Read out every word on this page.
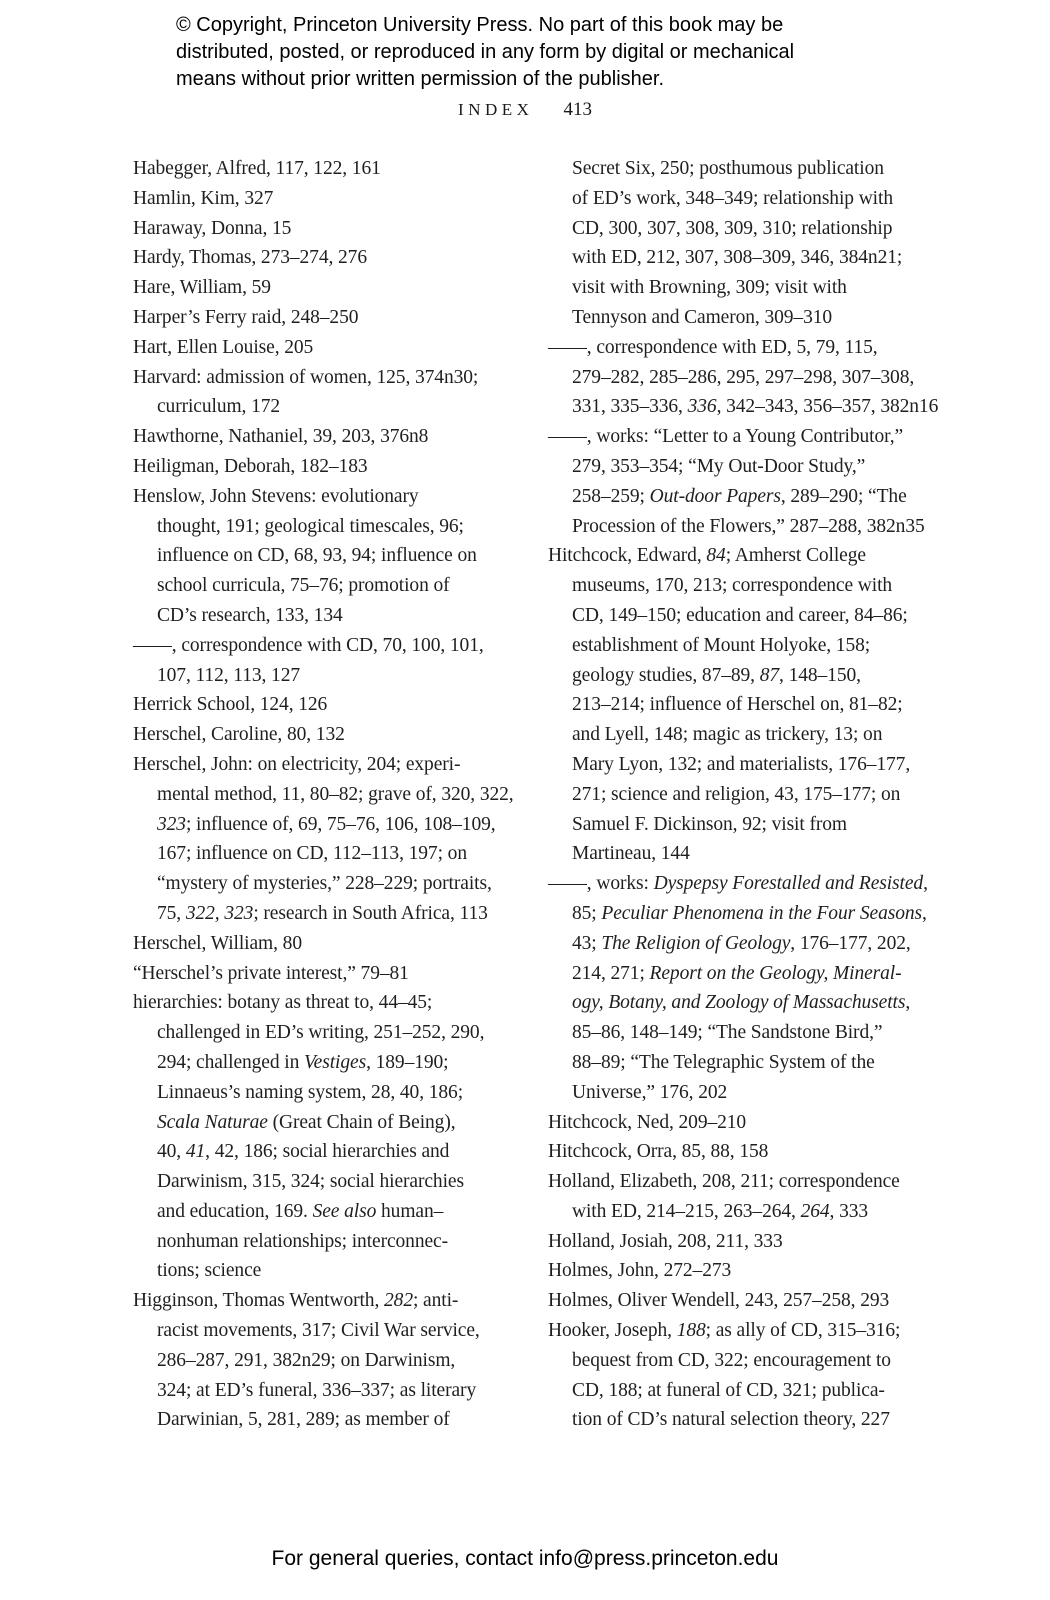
© Copyright, Princeton University Press. No part of this book may be
distributed, posted, or reproduced in any form by digital or mechanical
means without prior written permission of the publisher.
INDEX 413
Habegger, Alfred, 117, 122, 161
Hamlin, Kim, 327
Haraway, Donna, 15
Hardy, Thomas, 273–274, 276
Hare, William, 59
Harper’s Ferry raid, 248–250
Hart, Ellen Louise, 205
Harvard: admission of women, 125, 374n30;
curriculum, 172
Hawthorne, Nathaniel, 39, 203, 376n8
Heiligman, Deborah, 182–183
Henslow, John Stevens: evolutionary
thought, 191; geological timescales, 96;
influence on CD, 68, 93, 94; influence on
school curricula, 75–76; promotion of
CD’s research, 133, 134
——, correspondence with CD, 70, 100, 101,
107, 112, 113, 127
Herrick School, 124, 126
Herschel, Caroline, 80, 132
Herschel, John: on electricity, 204; experi-
mental method, 11, 80–82; grave of, 320, 322,
323; influence of, 69, 75–76, 106, 108–109,
167; influence on CD, 112–113, 197; on
“mystery of mysteries,” 228–229; portraits,
75, 322, 323; research in South Africa, 113
Herschel, William, 80
“Herschel’s private interest,” 79–81
hierarchies: botany as threat to, 44–45;
challenged in ED’s writing, 251–252, 290,
294; challenged in Vestiges, 189–190;
Linnaeus’s naming system, 28, 40, 186;
Scala Naturae (Great Chain of Being),
40, 41, 42, 186; social hierarchies and
Darwinism, 315, 324; social hierarchies
and education, 169. See also human–
nonhuman relationships; interconnec-
tions; science
Higginson, Thomas Wentworth, 282; anti-
racist movements, 317; Civil War service,
286–287, 291, 382n29; on Darwinism,
324; at ED’s funeral, 336–337; as literary
Darwinian, 5, 281, 289; as member of
Secret Six, 250; posthumous publication
of ED’s work, 348–349; relationship with
CD, 300, 307, 308, 309, 310; relationship
with ED, 212, 307, 308–309, 346, 384n21;
visit with Browning, 309; visit with
Tennyson and Cameron, 309–310
——, correspondence with ED, 5, 79, 115,
279–282, 285–286, 295, 297–298, 307–308,
331, 335–336, 336, 342–343, 356–357, 382n16
——, works: “Letter to a Young Contributor,”
279, 353–354; “My Out-Door Study,”
258–259; Out-door Papers, 289–290; “The
Procession of the Flowers,” 287–288, 382n35
Hitchcock, Edward, 84; Amherst College
museums, 170, 213; correspondence with
CD, 149–150; education and career, 84–86;
establishment of Mount Holyoke, 158;
geology studies, 87–89, 87, 148–150,
213–214; influence of Herschel on, 81–82;
and Lyell, 148; magic as trickery, 13; on
Mary Lyon, 132; and materialists, 176–177,
271; science and religion, 43, 175–177; on
Samuel F. Dickinson, 92; visit from
Martineau, 144
——, works: Dyspepsy Forestalled and Resisted,
85; Peculiar Phenomena in the Four Seasons,
43; The Religion of Geology, 176–177, 202,
214, 271; Report on the Geology, Mineral-
ogy, Botany, and Zoology of Massachusetts,
85–86, 148–149; “The Sandstone Bird,”
88–89; “The Telegraphic System of the
Universe,” 176, 202
Hitchcock, Ned, 209–210
Hitchcock, Orra, 85, 88, 158
Holland, Elizabeth, 208, 211; correspondence
with ED, 214–215, 263–264, 264, 333
Holland, Josiah, 208, 211, 333
Holmes, John, 272–273
Holmes, Oliver Wendell, 243, 257–258, 293
Hooker, Joseph, 188; as ally of CD, 315–316;
bequest from CD, 322; encouragement to
CD, 188; at funeral of CD, 321; publica-
tion of CD’s natural selection theory, 227
For general queries, contact info@press.princeton.edu
